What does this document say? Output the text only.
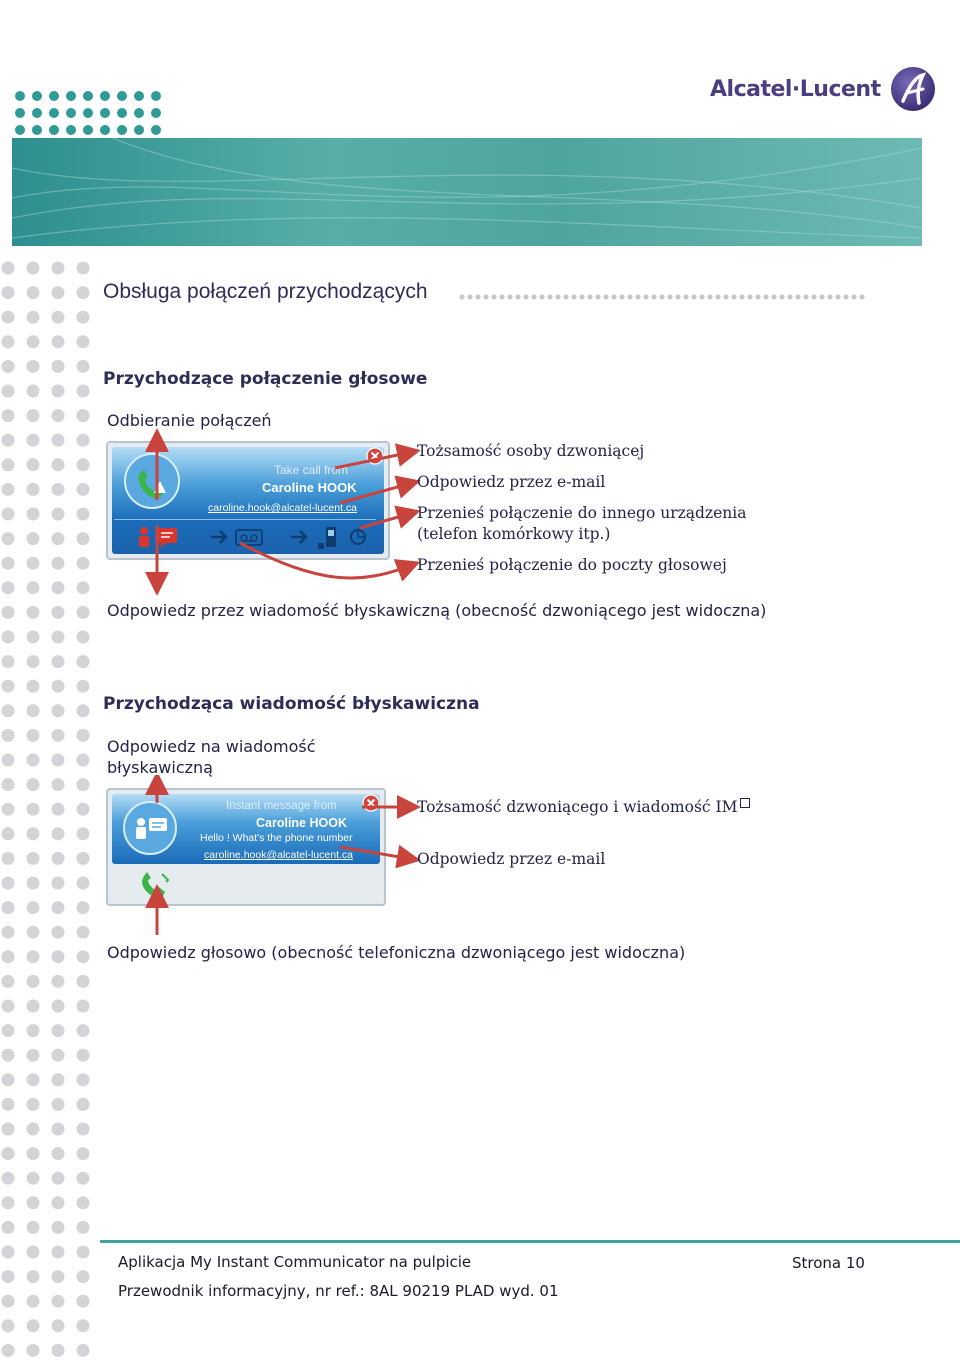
Alcatel·Lucent
Obsługa połączeń przychodzących
Przychodzące połączenie głosowe
Odbieranie połączeń
Take call from
Caroline HOOK
caroline.hook@alcatel-lucent.ca
Tożsamość osoby dzwoniącej
Odpowiedz przez e-mail
Przenieś połączenie do innego urządzenia
(telefon komórkowy itp.)
Przenieś połączenie do poczty głosowej
Odpowiedz przez wiadomość błyskawiczną (obecność dzwoniącego jest widoczna)
Przychodząca wiadomość błyskawiczna
Odpowiedz na wiadomość
błyskawiczną
Instant message from
Caroline HOOK
Hello ! What's the phone number
caroline.hook@alcatel-lucent.ca
Tożsamość dzwoniącego i wiadomość IM
Odpowiedz przez e-mail
Odpowiedz głosowo (obecność telefoniczna dzwoniącego jest widoczna)
Aplikacja My Instant Communicator na pulpicie	Strona 10
Przewodnik informacyjny, nr ref.: 8AL 90219 PLAD wyd. 01
